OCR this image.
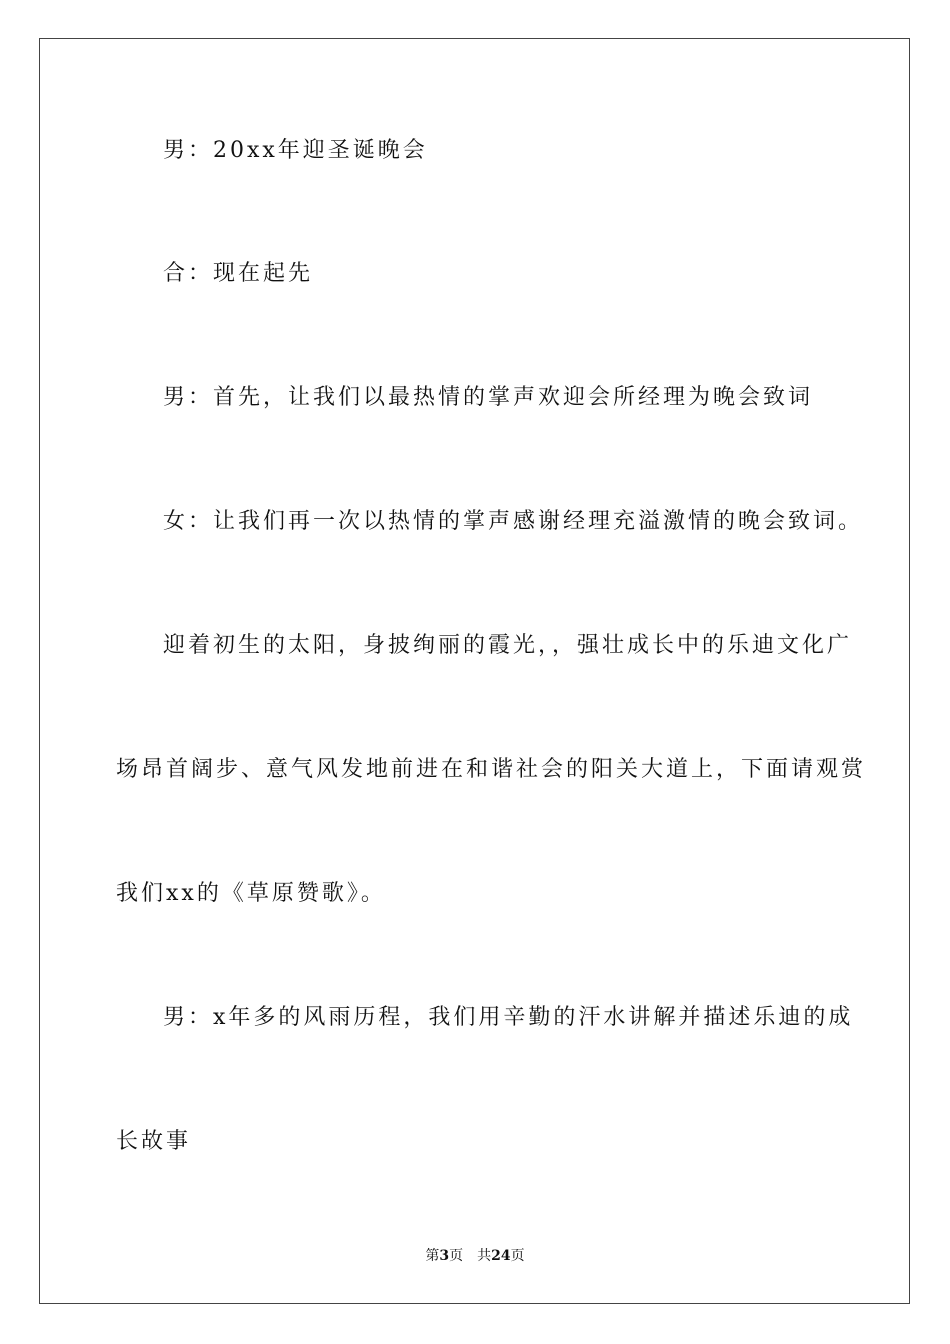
男：20xx年迎圣诞晚会
合：现在起先
男：首先，让我们以最热情的掌声欢迎会所经理为晚会致词
女：让我们再一次以热情的掌声感谢经理充溢激情的晚会致词。
迎着初生的太阳，身披绚丽的霞光，，强壮成长中的乐迪文化广
场昂首阔步、意气风发地前进在和谐社会的阳关大道上，下面请观赏
我们xx的《草原赞歌》。
男：x年多的风雨历程，我们用辛勤的汗水讲解并描述乐迪的成
长故事
第3页 共24页
